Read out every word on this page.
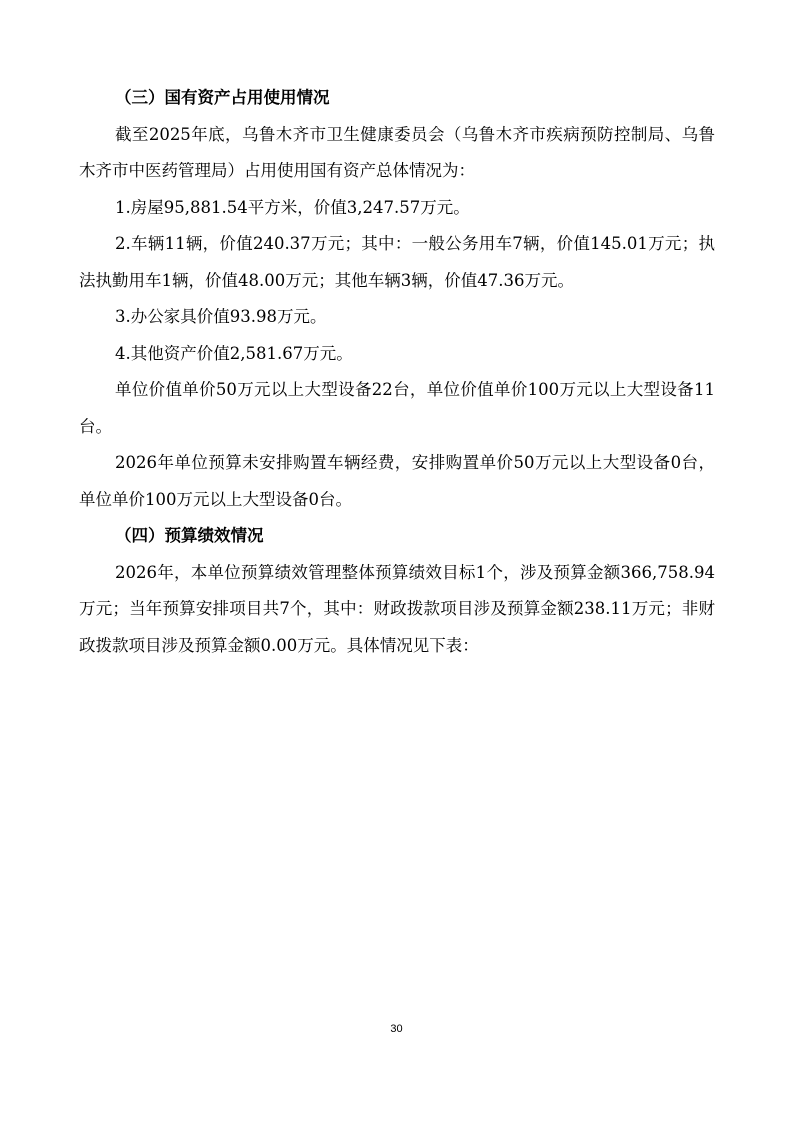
（三）国有资产占用使用情况

截至2025年底，乌鲁木齐市卫生健康委员会（乌鲁木齐市疾病预防控制局、乌鲁木齐市中医药管理局）占用使用国有资产总体情况为：

1.房屋95,881.54平方米，价值3,247.57万元。

2.车辆11辆，价值240.37万元；其中：一般公务用车7辆，价值145.01万元；执法执勤用车1辆，价值48.00万元；其他车辆3辆，价值47.36万元。

3.办公家具价值93.98万元。

4.其他资产价值2,581.67万元。

单位价值单价50万元以上大型设备22台，单位价值单价100万元以上大型设备11台。

2026年单位预算未安排购置车辆经费，安排购置单价50万元以上大型设备0台，单位单价100万元以上大型设备0台。

（四）预算绩效情况

2026年，本单位预算绩效管理整体预算绩效目标1个，涉及预算金额366,758.94万元；当年预算安排项目共7个，其中：财政拨款项目涉及预算金额238.11万元；非财政拨款项目涉及预算金额0.00万元。具体情况见下表：

30
